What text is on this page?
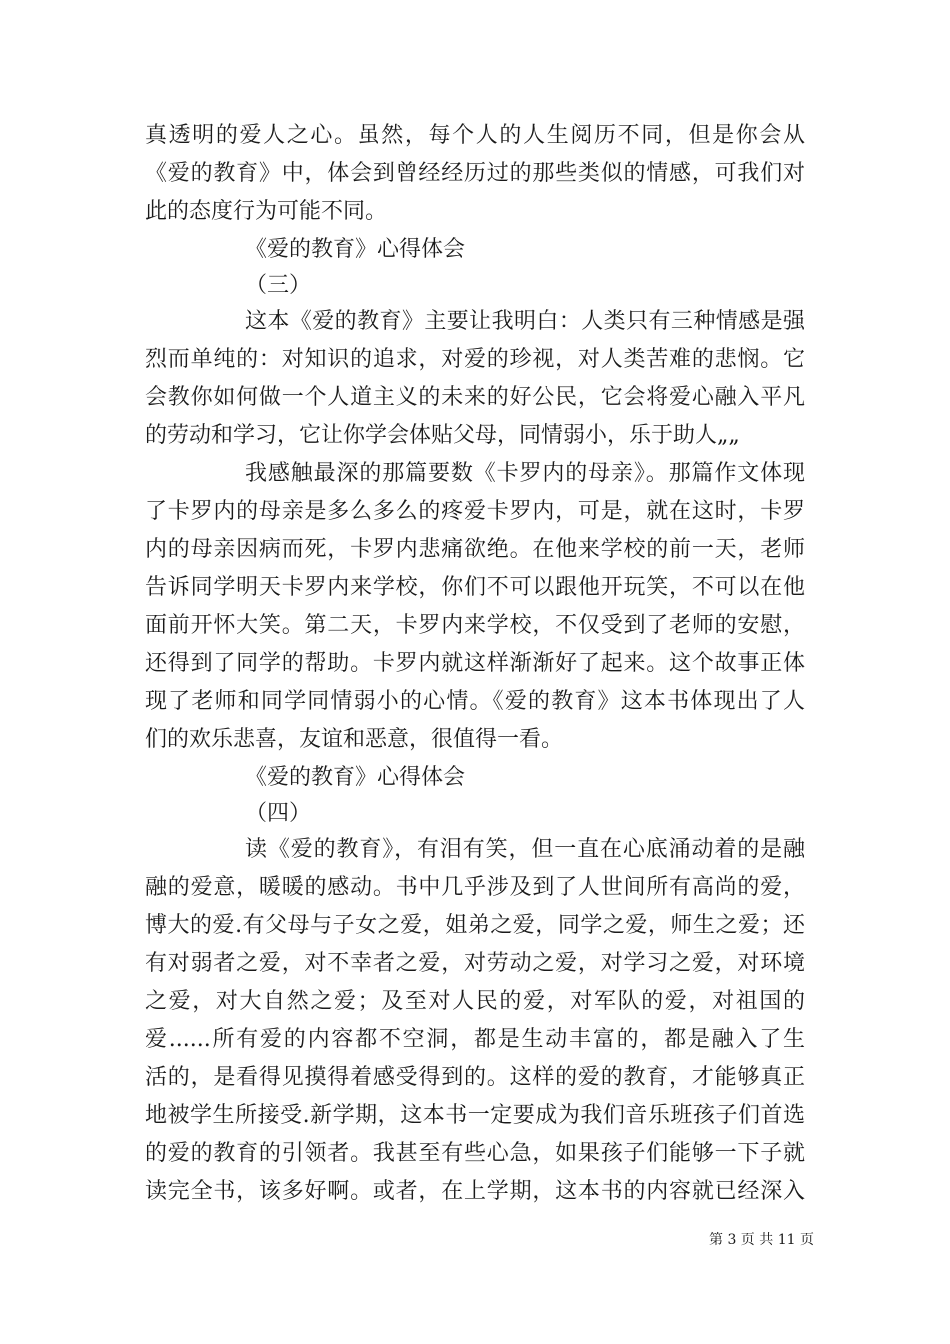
真透明的爱人之心。虽然，每个人的人生阅历不同，但是你会从
《爱的教育》中，体会到曾经经历过的那些类似的情感，可我们对
此的态度行为可能不同。
《爱的教育》心得体会
（三）
这本《爱的教育》主要让我明白：人类只有三种情感是强
烈而单纯的：对知识的追求，对爱的珍视，对人类苦难的悲悯。它
会教你如何做一个人道主义的未来的好公民，它会将爱心融入平凡
的劳动和学习，它让你学会体贴父母，同情弱小，乐于助人„„
我感触最深的那篇要数《卡罗内的母亲》。那篇作文体现
了卡罗内的母亲是多么多么的疼爱卡罗内，可是，就在这时，卡罗
内的母亲因病而死，卡罗内悲痛欲绝。在他来学校的前一天，老师
告诉同学明天卡罗内来学校，你们不可以跟他开玩笑，不可以在他
面前开怀大笑。第二天，卡罗内来学校，不仅受到了老师的安慰，
还得到了同学的帮助。卡罗内就这样渐渐好了起来。这个故事正体
现了老师和同学同情弱小的心情。《爱的教育》这本书体现出了人
们的欢乐悲喜，友谊和恶意，很值得一看。
《爱的教育》心得体会
（四）
读《爱的教育》，有泪有笑，但一直在心底涌动着的是融
融的爱意，暖暖的感动。书中几乎涉及到了人世间所有高尚的爱，
博大的爱.有父母与子女之爱，姐弟之爱，同学之爱，师生之爱；还
有对弱者之爱，对不幸者之爱，对劳动之爱，对学习之爱，对环境
之爱，对大自然之爱；及至对人民的爱，对军队的爱，对祖国的
爱......所有爱的内容都不空洞，都是生动丰富的，都是融入了生
活的，是看得见摸得着感受得到的。这样的爱的教育，才能够真正
地被学生所接受.新学期，这本书一定要成为我们音乐班孩子们首选
的爱的教育的引领者。我甚至有些心急，如果孩子们能够一下子就
读完全书，该多好啊。或者，在上学期，这本书的内容就已经深入
第 3 页 共 11 页
